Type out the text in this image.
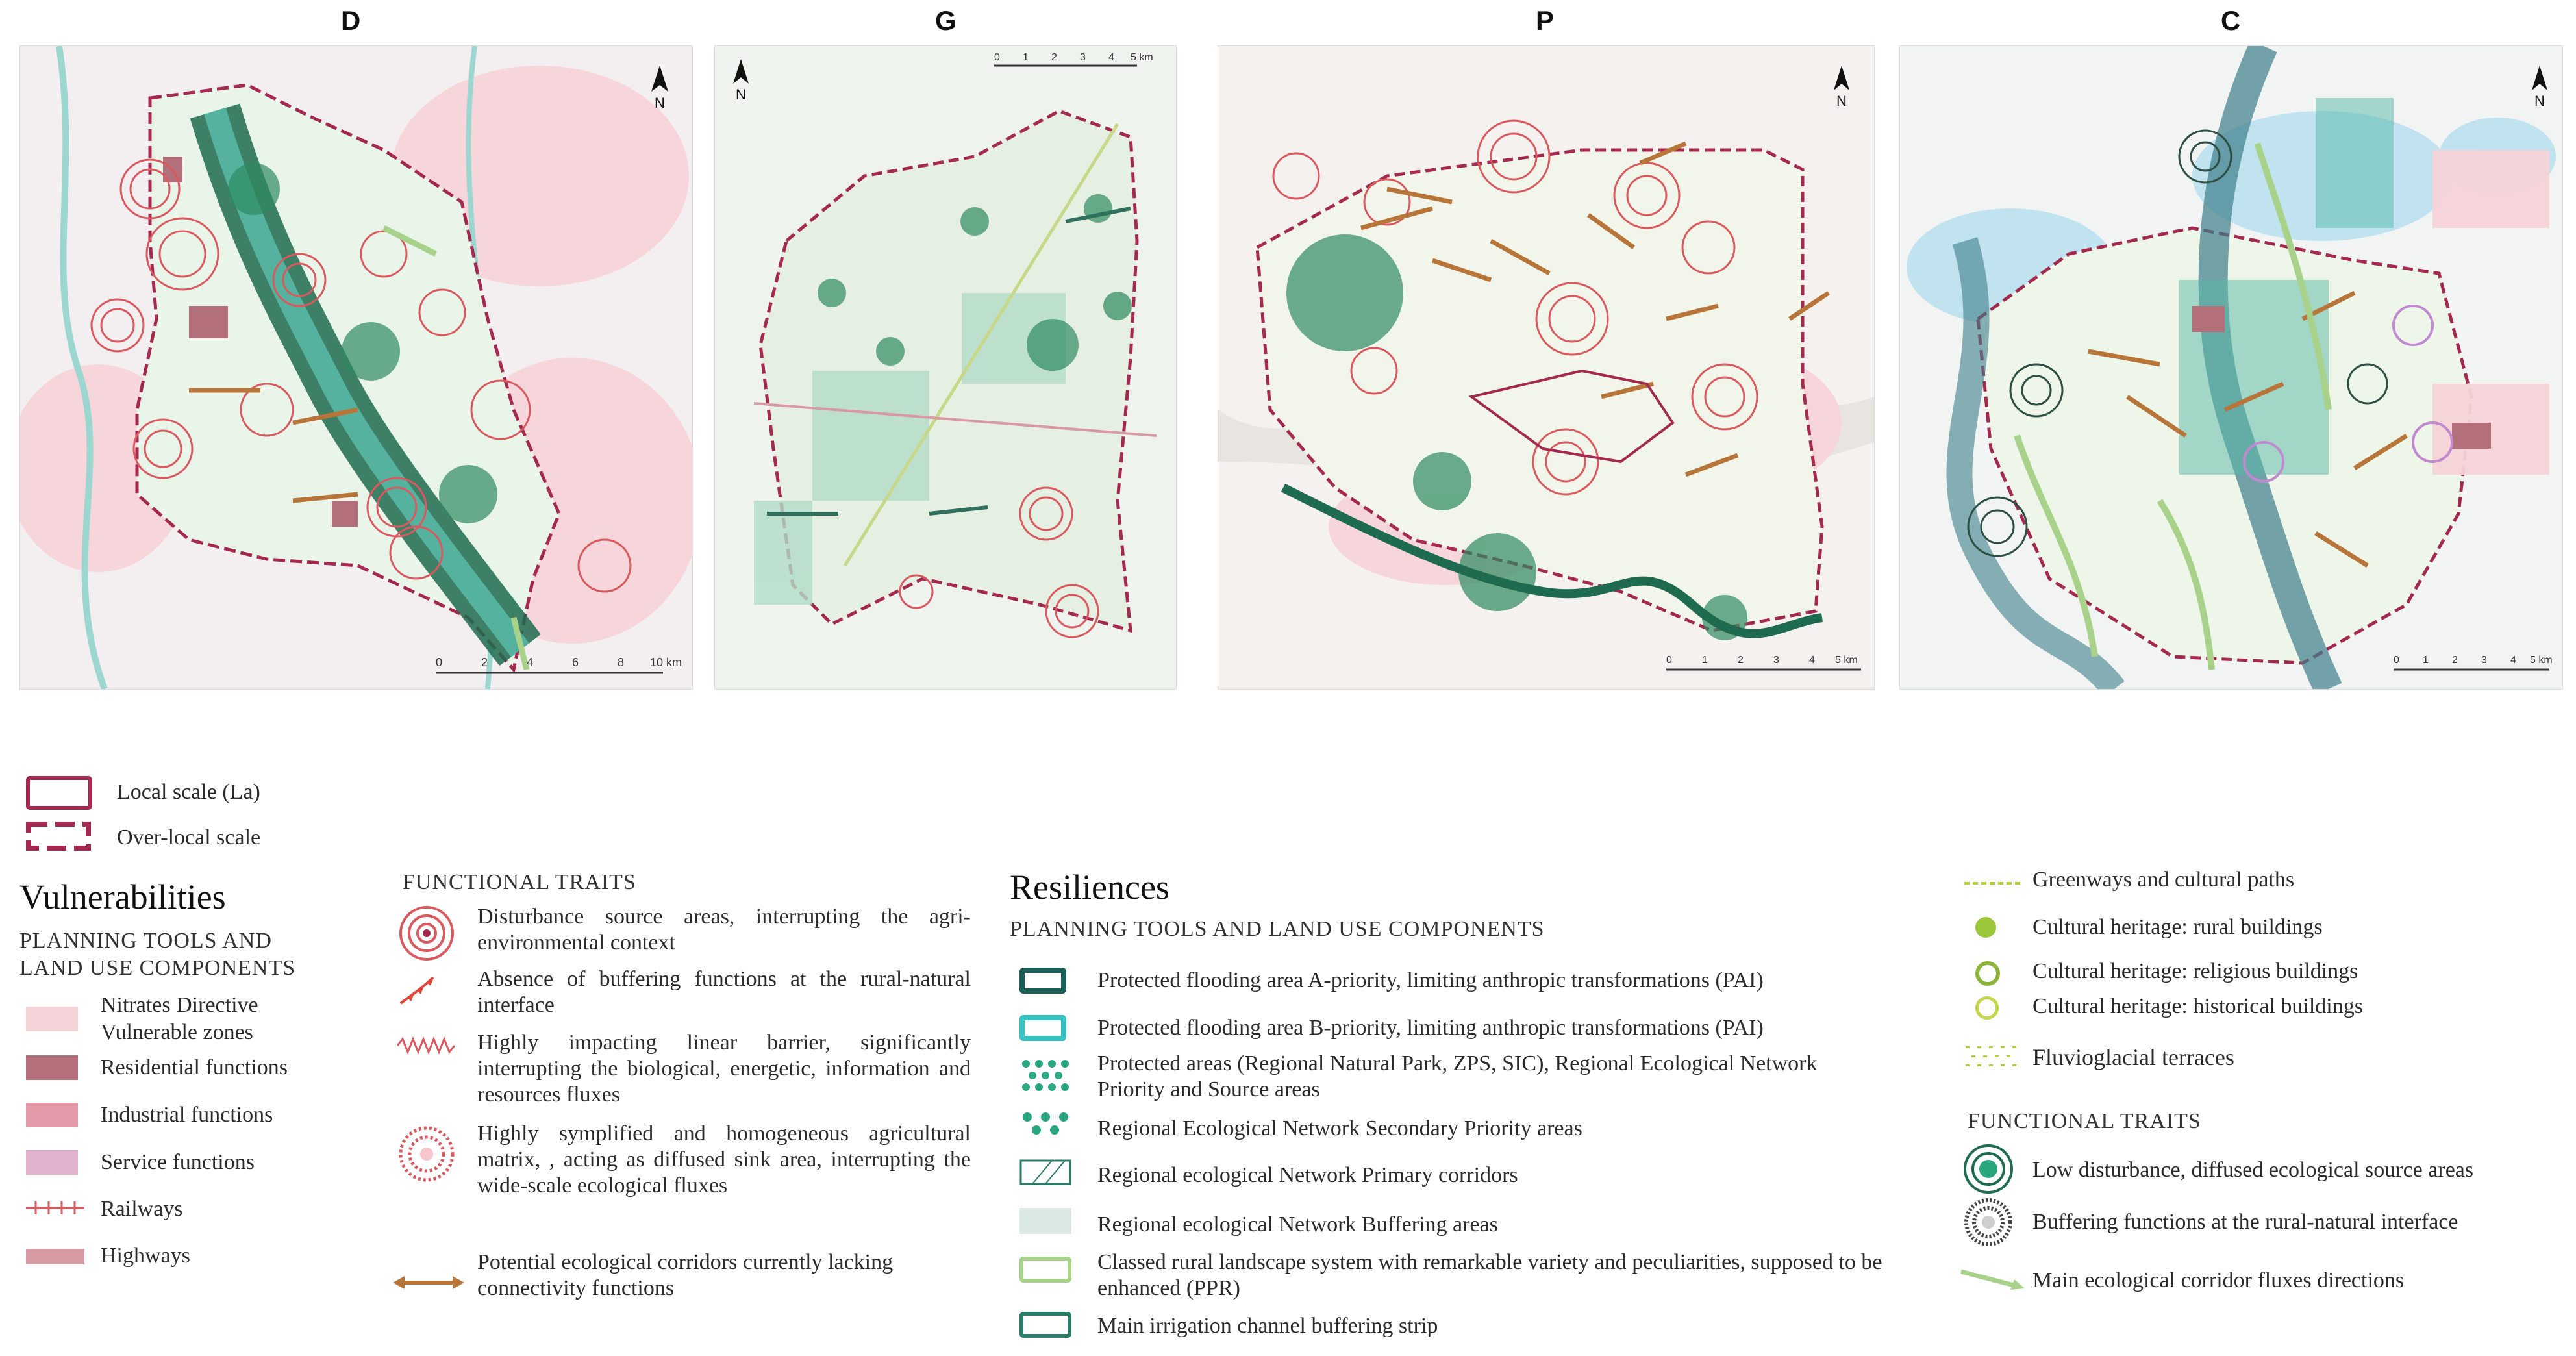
D	G	P	C
N
0	2	4	6	8 10 km
N
0 1 2 3 4 5 km
N
0	1	2	3	4 5 km
N
0 1 2 3 4 5 km
Local scale (La)
Over-local scale
Vulnerabilities
PLANNING TOOLS AND
LAND USE COMPONENTS
Nitrates Directive
Vulnerable zones
Residential functions
Industrial functions
Service functions
Railways
Highways
FUNCTIONAL TRAITS
Disturbance source areas, interrupting the agri-environmental context
Absence of buffering functions at the rural-natural interface
Highly impacting linear barrier, significantly interrupting the biological, energetic, information and resources fluxes
Highly symplified and homogeneous agricultural matrix, , acting as diffused sink area, interrupting the wide-scale ecological fluxes
Potential ecological corridors currently lacking connectivity functions
Resiliences
PLANNING TOOLS AND LAND USE COMPONENTS
Protected flooding area A-priority, limiting anthropic transformations (PAI)
Protected flooding area B-priority, limiting anthropic transformations (PAI)
Protected areas (Regional Natural Park, ZPS, SIC), Regional Ecological Network Priority and Source areas
Regional Ecological Network Secondary Priority areas
Regional ecological Network Primary corridors
Regional ecological Network Buffering areas
Classed rural landscape system with remarkable variety and peculiarities, supposed to be enhanced (PPR)
Main irrigation channel buffering strip
Greenways and cultural paths
Cultural heritage: rural buildings
Cultural heritage: religious buildings
Cultural heritage: historical buildings
Fluvioglacial terraces
FUNCTIONAL TRAITS
Low disturbance, diffused ecological source areas
Buffering functions at the rural-natural interface
Main ecological corridor fluxes directions
